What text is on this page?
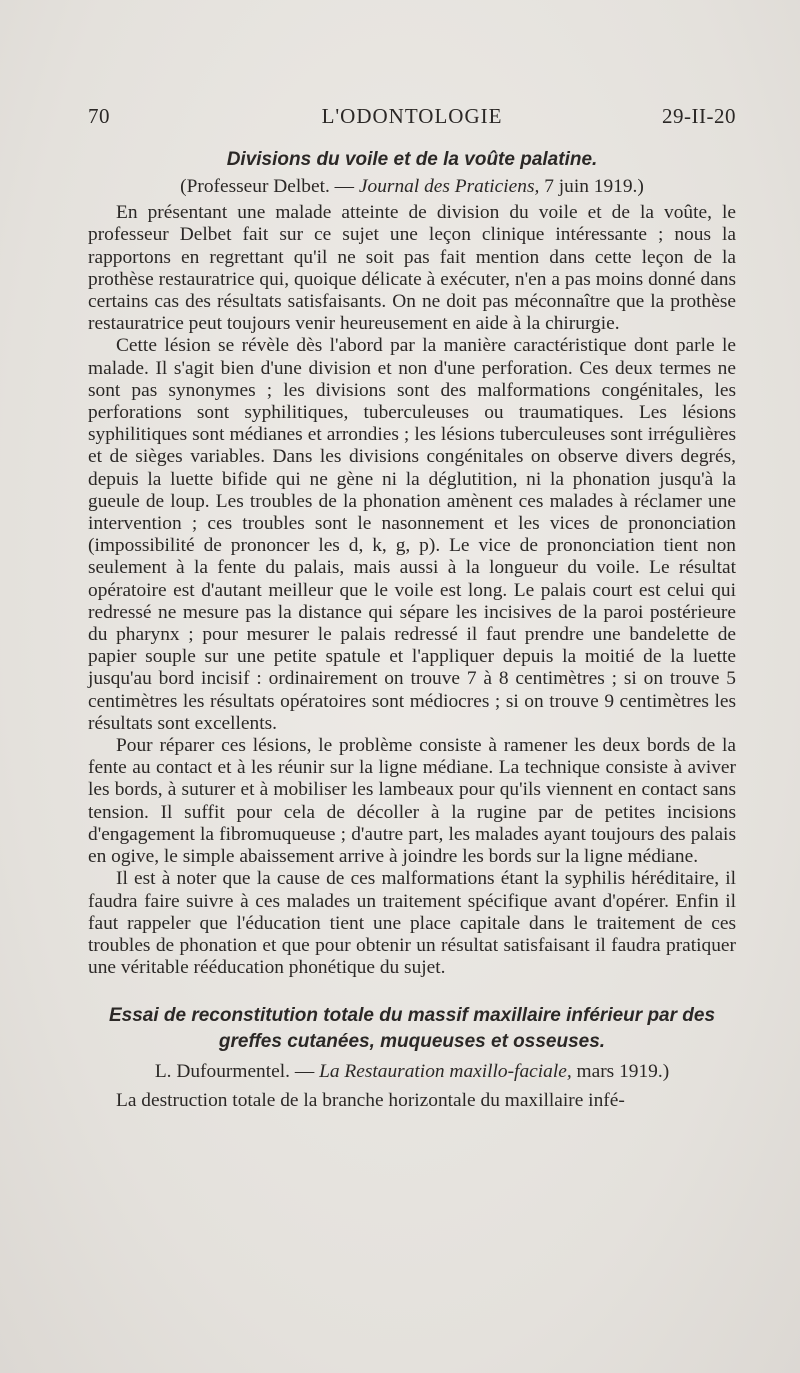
70	L'ODONTOLOGIE	29-II-20
Divisions du voile et de la voûte palatine.
(Professeur Delbet. — Journal des Praticiens, 7 juin 1919.)

En présentant une malade atteinte de division du voile et de la voûte, le professeur Delbet fait sur ce sujet une leçon clinique intéressante ; nous la rapportons en regrettant qu'il ne soit pas fait mention dans cette leçon de la prothèse restauratrice qui, quoique délicate à exécuter, n'en a pas moins donné dans certains cas des résultats satisfaisants. On ne doit pas méconnaître que la prothèse restauratrice peut toujours venir heureusement en aide à la chirurgie.

Cette lésion se révèle dès l'abord par la manière caractéristique dont parle le malade. Il s'agit bien d'une division et non d'une perforation. Ces deux termes ne sont pas synonymes ; les divisions sont des malformations congénitales, les perforations sont syphilitiques, tuberculeuses ou traumatiques. Les lésions syphilitiques sont médianes et arrondies ; les lésions tuberculeuses sont irrégulières et de sièges variables. Dans les divisions congénitales on observe divers degrés, depuis la luette bifide qui ne gène ni la déglutition, ni la phonation jusqu'à la gueule de loup. Les troubles de la phonation amènent ces malades à réclamer une intervention ; ces troubles sont le nasonnement et les vices de prononciation (impossibilité de prononcer les d, k, g, p). Le vice de prononciation tient non seulement à la fente du palais, mais aussi à la longueur du voile. Le résultat opératoire est d'autant meilleur que le voile est long. Le palais court est celui qui redressé ne mesure pas la distance qui sépare les incisives de la paroi postérieure du pharynx ; pour mesurer le palais redressé il faut prendre une bandelette de papier souple sur une petite spatule et l'appliquer depuis la moitié de la luette jusqu'au bord incisif : ordinairement on trouve 7 à 8 centimètres ; si on trouve 5 centimètres les résultats opératoires sont médiocres ; si on trouve 9 centimètres les résultats sont excellents.

Pour réparer ces lésions, le problème consiste à ramener les deux bords de la fente au contact et à les réunir sur la ligne médiane. La technique consiste à aviver les bords, à suturer et à mobiliser les lambeaux pour qu'ils viennent en contact sans tension. Il suffit pour cela de décoller à la rugine par de petites incisions d'engagement la fibromuqueuse ; d'autre part, les malades ayant toujours des palais en ogive, le simple abaissement arrive à joindre les bords sur la ligne médiane.

Il est à noter que la cause de ces malformations étant la syphilis héréditaire, il faudra faire suivre à ces malades un traitement spécifique avant d'opérer. Enfin il faut rappeler que l'éducation tient une place capitale dans le traitement de ces troubles de phonation et que pour obtenir un résultat satisfaisant il faudra pratiquer une véritable rééducation phonétique du sujet.

Essai de reconstitution totale du massif maxillaire inférieur par des greffes cutanées, muqueuses et osseuses.
L. Dufourmentel. — La Restauration maxillo-faciale, mars 1919.)

La destruction totale de la branche horizontale du maxillaire infé-
